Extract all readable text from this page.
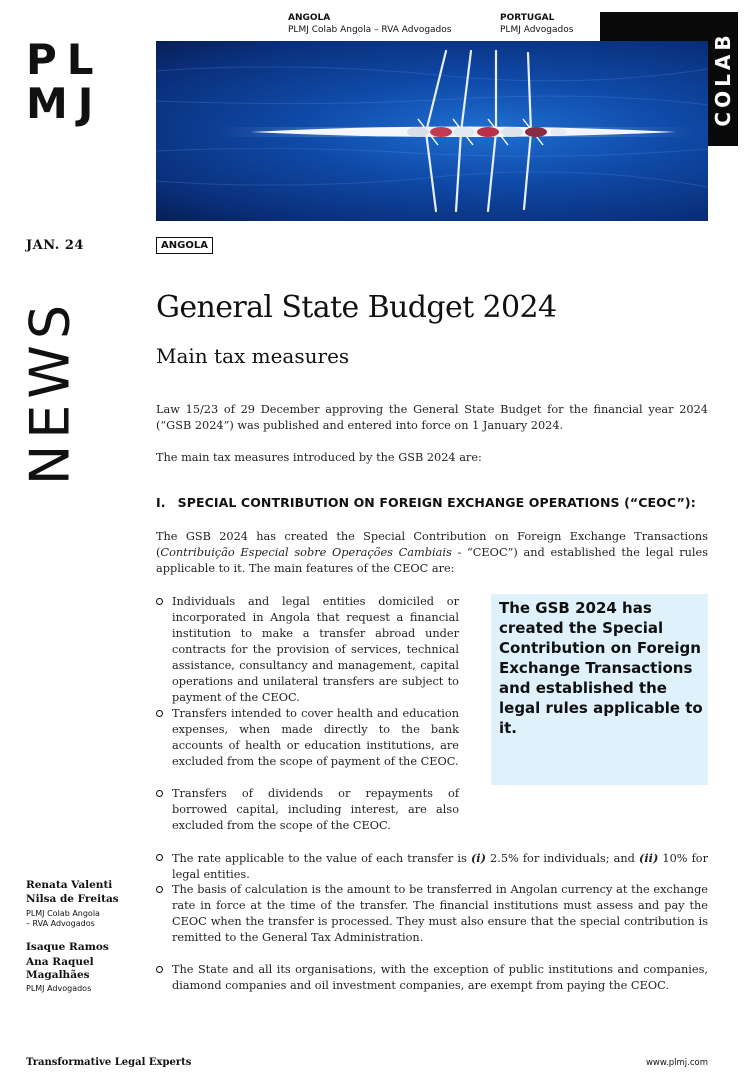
PL
MJ
ANGOLA
PLMJ Colab Angola – RVA Advogados
PORTUGAL
PLMJ Advogados
COLAB
JAN. 24	ANGOLA
NEWS General State Budget 2024
Main tax measures
Law 15/23 of 29 December approving the General State Budget for the financial year 2024 (“GSB 2024”) was published and entered into force on 1 January 2024.
The main tax measures introduced by the GSB 2024 are:
I. SPECIAL CONTRIBUTION ON FOREIGN EXCHANGE OPERATIONS (“CEOC”):
The GSB 2024 has created the Special Contribution on Foreign Exchange Transactions (Contribuição Especial sobre Operações Cambiais - “CEOC”) and established the legal rules applicable to it. The main features of the CEOC are:
Individuals and legal entities domiciled or incorporated in Angola that request a financial institution to make a transfer abroad under contracts for the provision of services, technical assistance, consultancy and management, capital operations and unilateral transfers are subject to payment of the CEOC.
Transfers intended to cover health and education expenses, when made directly to the bank accounts of health or education institutions, are excluded from the scope of payment of the CEOC.
Transfers of dividends or repayments of borrowed capital, including interest, are also excluded from the scope of the CEOC.
The rate applicable to the value of each transfer is (i) 2.5% for individuals; and (ii) 10% for legal entities.
The basis of calculation is the amount to be transferred in Angolan currency at the exchange rate in force at the time of the transfer. The financial institutions must assess and pay the CEOC when the transfer is processed. They must also ensure that the special contribution is remitted to the General Tax Administration.
The State and all its organisations, with the exception of public institutions and companies, diamond companies and oil investment companies, are exempt from paying the CEOC.
The GSB 2024 has created the Special Contribution on Foreign Exchange Transactions and established the legal rules applicable to it.
Renata Valenti
Nilsa de Freitas
PLMJ Colab Angola
– RVA Advogados
Isaque Ramos
Ana Raquel
Magalhães
PLMJ Advogados
Transformative Legal Experts	www.plmj.com
